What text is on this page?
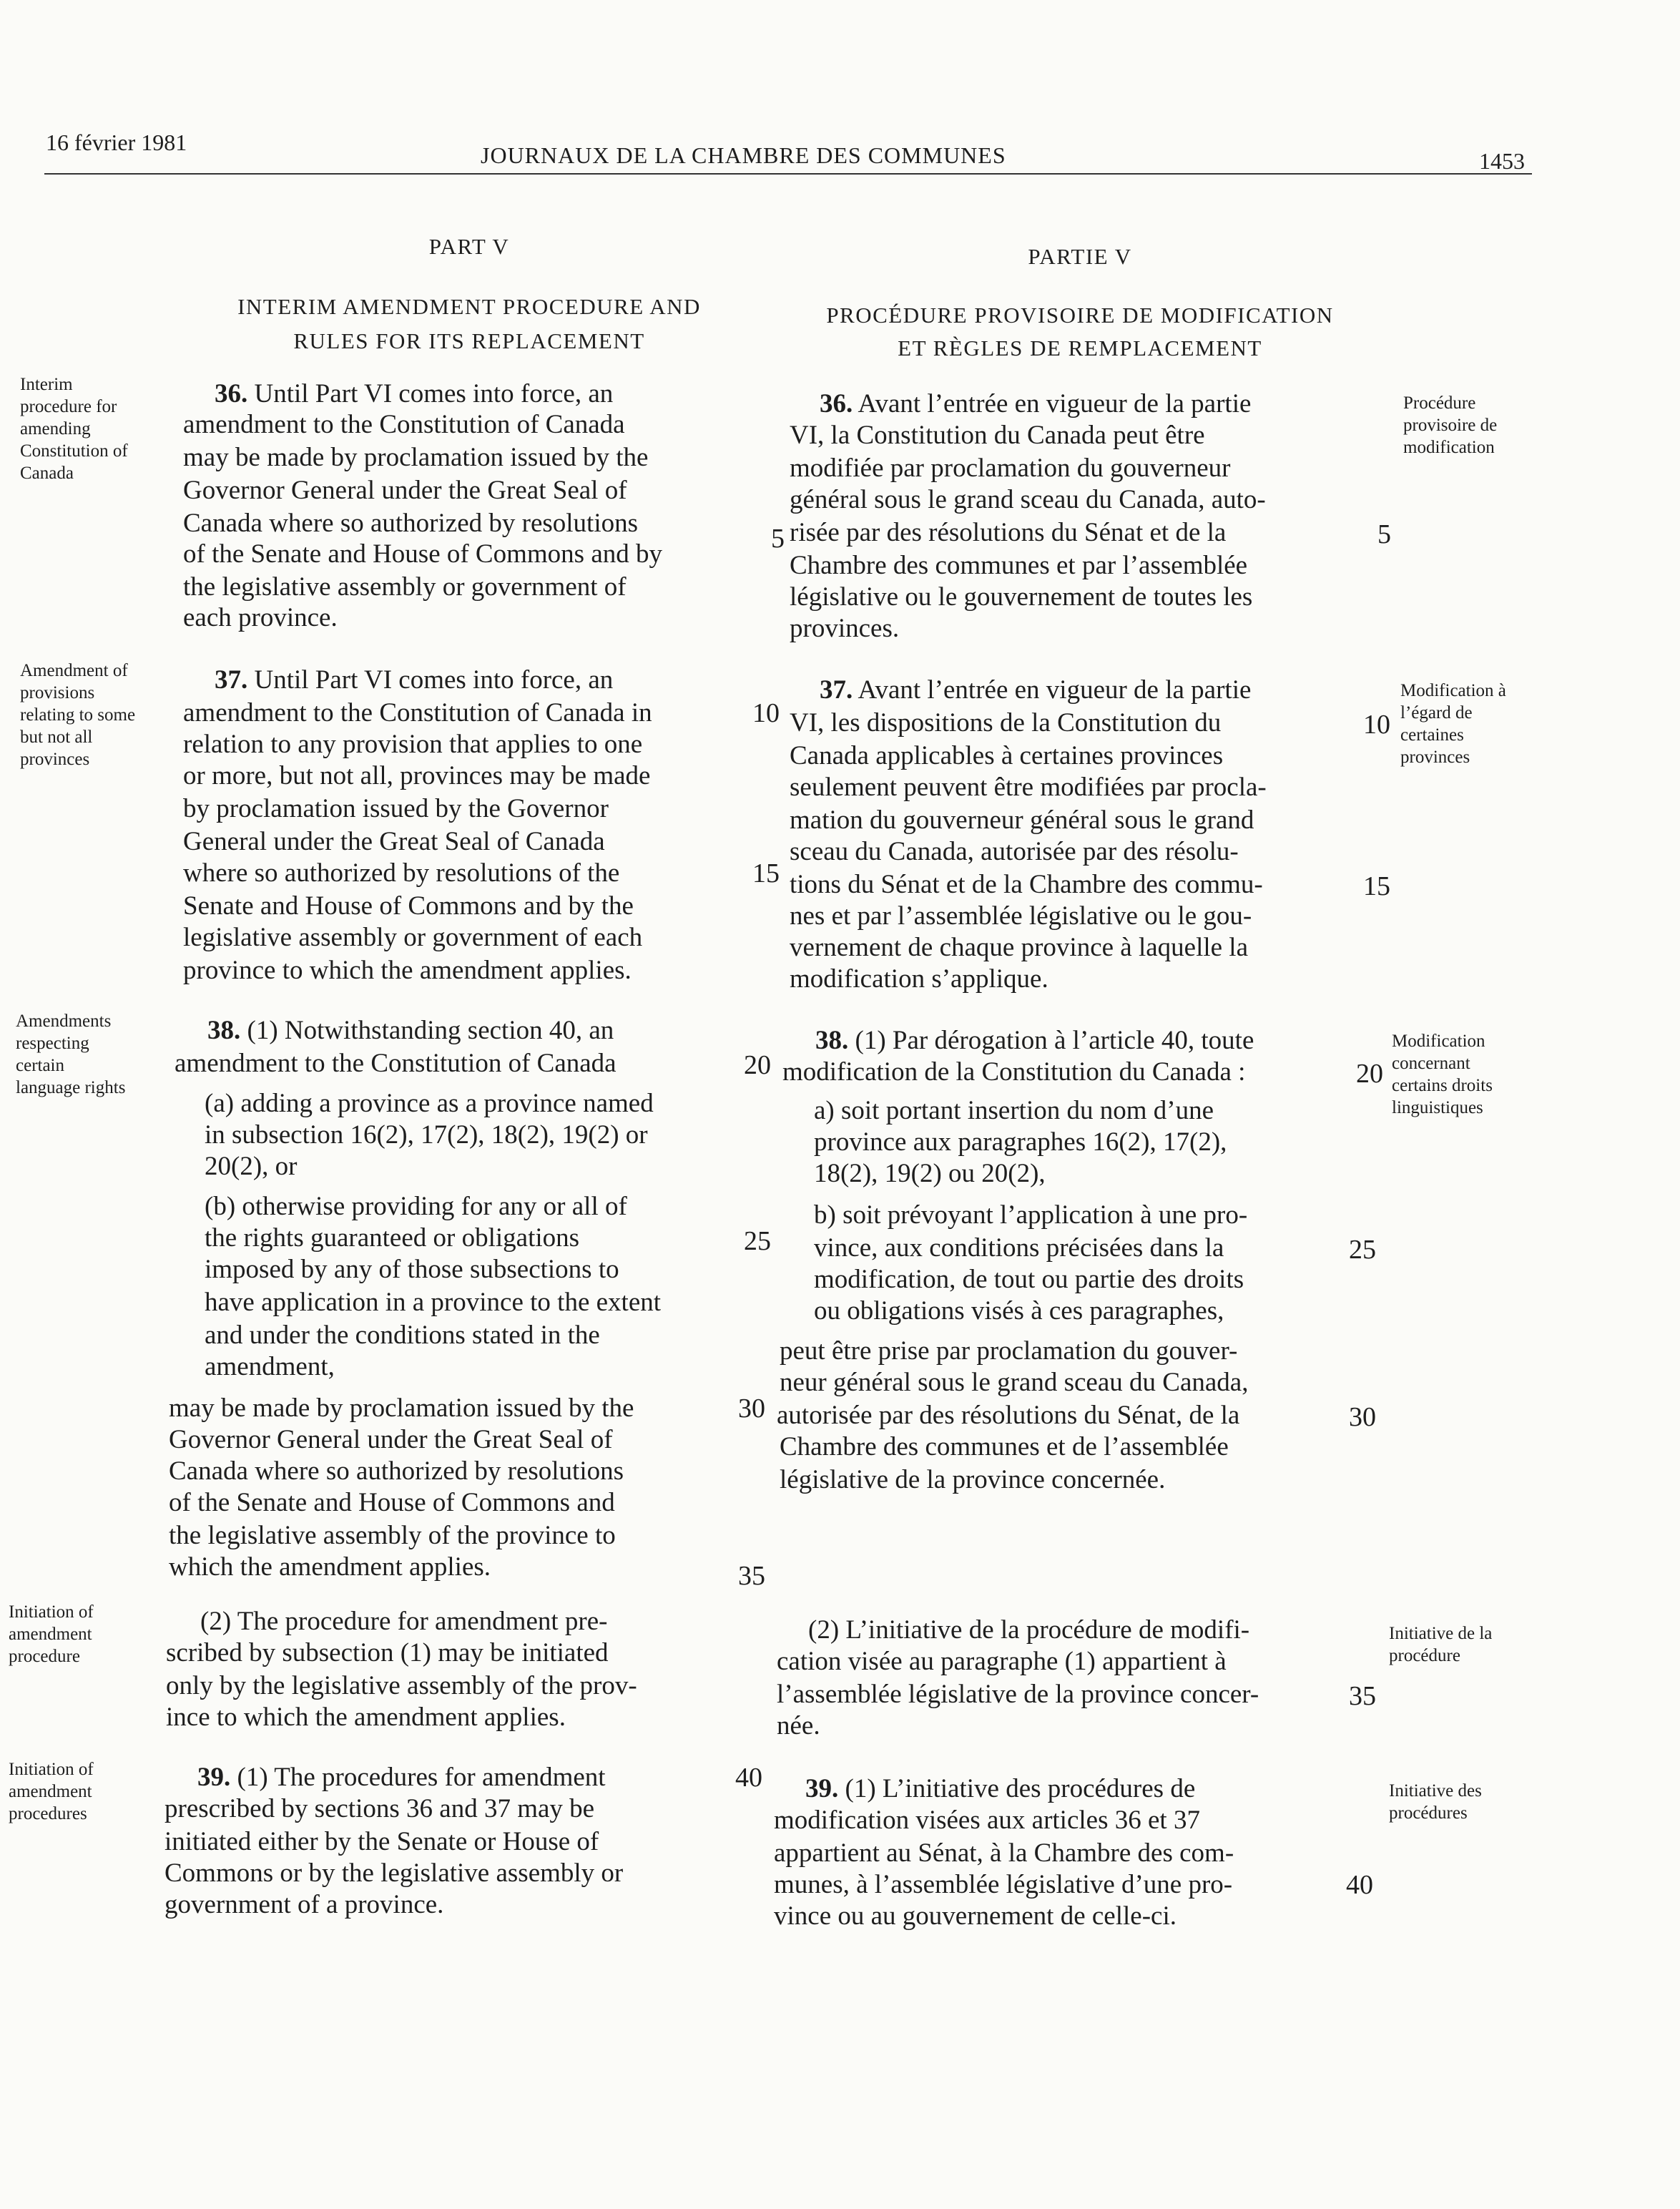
16 février 1981	JOURNAUX DE LA CHAMBRE DES COMMUNES	1453
PART V	PARTIE V
INTERIM AMENDMENT PROCEDURE AND
RULES FOR ITS REPLACEMENT
PROCÉDURE PROVISOIRE DE MODIFICATION
ET RÈGLES DE REMPLACEMENT
Interim
procedure for
amending
Constitution of
Canada
Amendment of
provisions
relating to some
but not all
provinces
Amendments
respecting
certain
language rights
Initiation of
amendment
procedure
Initiation of
amendment
procedures
Procédure
provisoire de
modification
Modification à
l’égard de
certaines
provinces
Modification
concernant
certains droits
linguistiques
Initiative de la
procédure
Initiative des
procédures
36. Until Part VI comes into force, an
amendment to the Constitution of Canada
may be made by proclamation issued by the
Governor General under the Great Seal of
Canada where so authorized by resolutions
of the Senate and House of Commons and by
the legislative assembly or government of
each province.
37. Until Part VI comes into force, an
amendment to the Constitution of Canada in
relation to any provision that applies to one
or more, but not all, provinces may be made
by proclamation issued by the Governor
General under the Great Seal of Canada
where so authorized by resolutions of the
Senate and House of Commons and by the
legislative assembly or government of each
province to which the amendment applies.
38. (1) Notwithstanding section 40, an
amendment to the Constitution of Canada
(a) adding a province as a province named
in subsection 16(2), 17(2), 18(2), 19(2) or
20(2), or
(b) otherwise providing for any or all of
the rights guaranteed or obligations
imposed by any of those subsections to
have application in a province to the extent
and under the conditions stated in the
amendment,
may be made by proclamation issued by the
Governor General under the Great Seal of
Canada where so authorized by resolutions
of the Senate and House of Commons and
the legislative assembly of the province to
which the amendment applies.
(2) The procedure for amendment pre-
scribed by subsection (1) may be initiated
only by the legislative assembly of the prov-
ince to which the amendment applies.
39. (1) The procedures for amendment
prescribed by sections 36 and 37 may be
initiated either by the Senate or House of
Commons or by the legislative assembly or
government of a province.
5
10
15
20
25
30
35
40
36. Avant l’entrée en vigueur de la partie
VI, la Constitution du Canada peut être
modifiée par proclamation du gouverneur
général sous le grand sceau du Canada, auto-
risée par des résolutions du Sénat et de la
Chambre des communes et par l’assemblée
législative ou le gouvernement de toutes les
provinces.
37. Avant l’entrée en vigueur de la partie
VI, les dispositions de la Constitution du
Canada applicables à certaines provinces
seulement peuvent être modifiées par procla-
mation du gouverneur général sous le grand
sceau du Canada, autorisée par des résolu-
tions du Sénat et de la Chambre des commu-
nes et par l’assemblée législative ou le gou-
vernement de chaque province à laquelle la
modification s’applique.
38. (1) Par dérogation à l’article 40, toute
modification de la Constitution du Canada :
a) soit portant insertion du nom d’une
province aux paragraphes 16(2), 17(2),
18(2), 19(2) ou 20(2),
b) soit prévoyant l’application à une pro-
vince, aux conditions précisées dans la
modification, de tout ou partie des droits
ou obligations visés à ces paragraphes,
peut être prise par proclamation du gouver-
neur général sous le grand sceau du Canada,
autorisée par des résolutions du Sénat, de la
Chambre des communes et de l’assemblée
législative de la province concernée.
(2) L’initiative de la procédure de modifi-
cation visée au paragraphe (1) appartient à
l’assemblée législative de la province concer-
née.
39. (1) L’initiative des procédures de
modification visées aux articles 36 et 37
appartient au Sénat, à la Chambre des com-
munes, à l’assemblée législative d’une pro-
vince ou au gouvernement de celle-ci.
5
10
15
20
25
30
35
40
